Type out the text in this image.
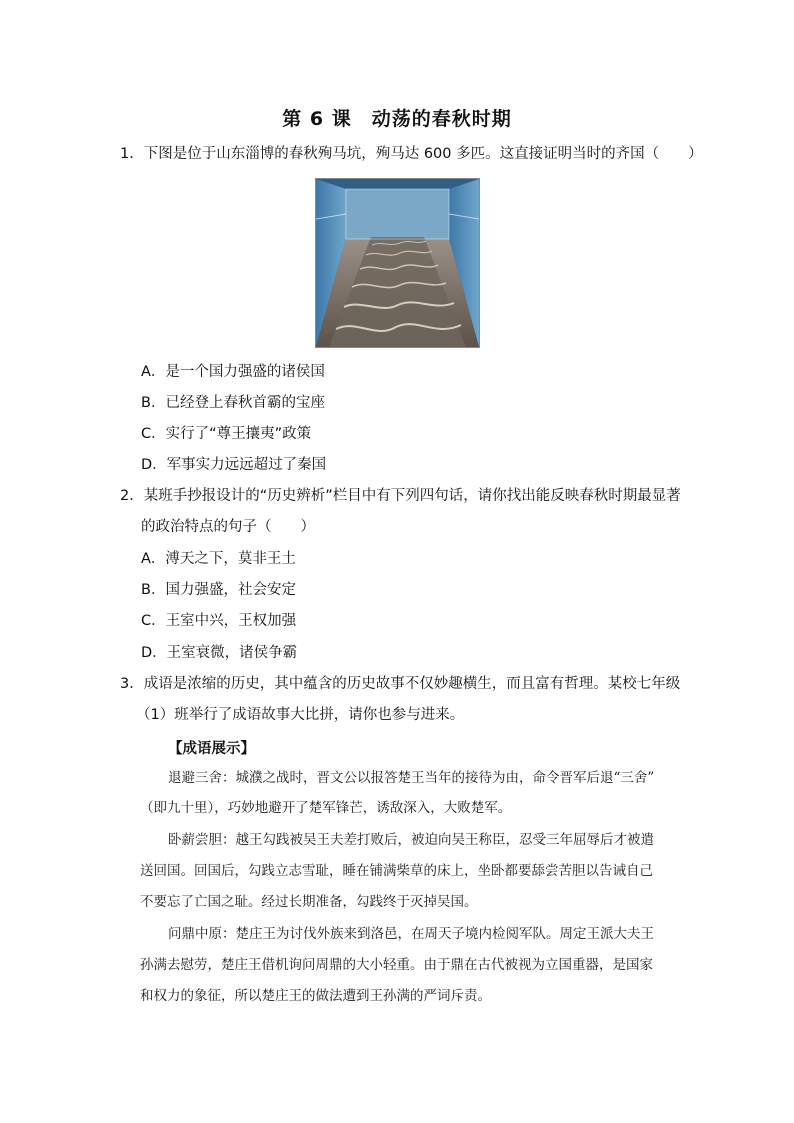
第 6 课　动荡的春秋时期
1．下图是位于山东淄博的春秋殉马坑，殉马达 600 多匹。这直接证明当时的齐国（　　）
A．是一个国力强盛的诸侯国
B．已经登上春秋首霸的宝座
C．实行了“尊王攘夷”政策
D．军事实力远远超过了秦国
2．某班手抄报设计的“历史辨析”栏目中有下列四句话，请你找出能反映春秋时期最显著
的政治特点的句子（　　）
A．溥天之下，莫非王土
B．国力强盛，社会安定
C．王室中兴，王权加强
D．王室衰微，诸侯争霸
3．成语是浓缩的历史，其中蕴含的历史故事不仅妙趣横生，而且富有哲理。某校七年级
（1）班举行了成语故事大比拼，请你也参与进来。
【成语展示】
退避三舍：城濮之战时，晋文公以报答楚王当年的接待为由，命令晋军后退“三舍”
（即九十里），巧妙地避开了楚军锋芒，诱敌深入，大败楚军。
卧薪尝胆：越王勾践被吴王夫差打败后，被迫向吴王称臣，忍受三年屈辱后才被遣
送回国。回国后，勾践立志雪耻，睡在铺满柴草的床上，坐卧都要舔尝苦胆以告诫自己
不要忘了亡国之耻。经过长期准备，勾践终于灭掉吴国。
问鼎中原：楚庄王为讨伐外族来到洛邑，在周天子境内检阅军队。周定王派大夫王
孙满去慰劳，楚庄王借机询问周鼎的大小轻重。由于鼎在古代被视为立国重器，是国家
和权力的象征，所以楚庄王的做法遭到王孙满的严词斥责。
